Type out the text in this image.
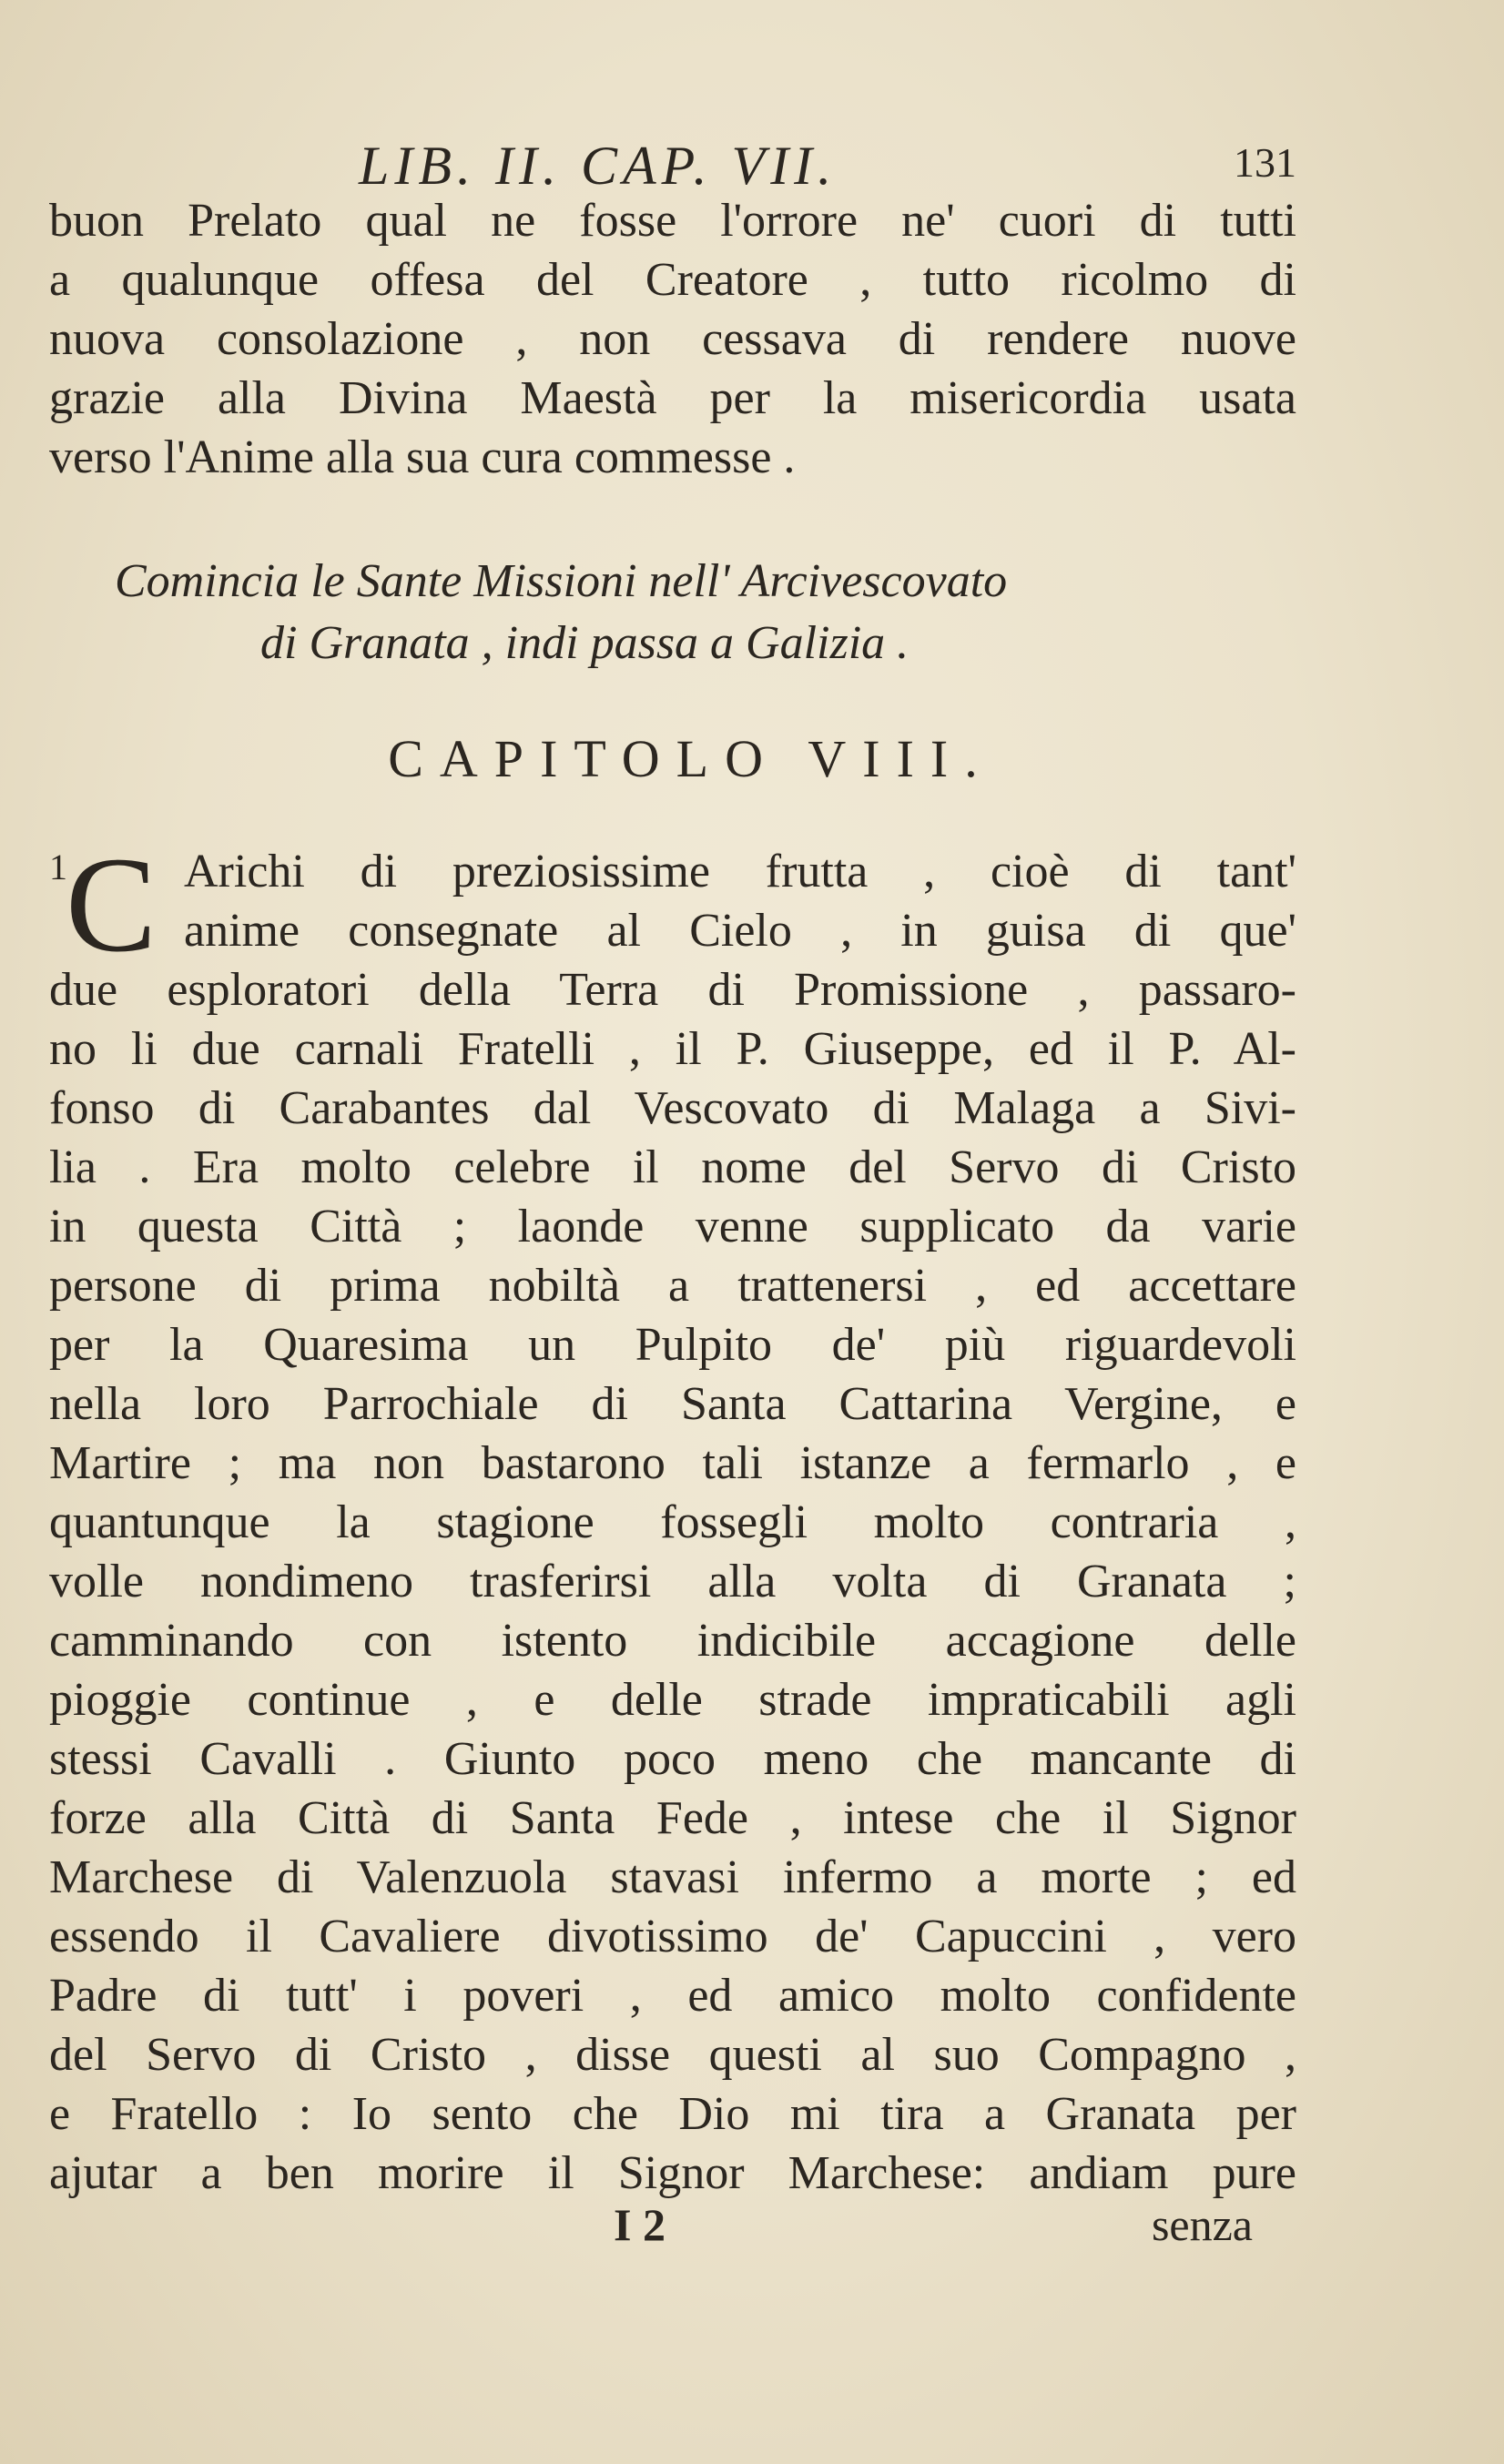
LIB. II. CAP. VII.	131
buon Prelato qual ne fosse l'orrore ne' cuori di tutti
a qualunque offesa del Creatore , tutto ricolmo di
nuova consolazione , non cessava di rendere nuove
grazie alla Divina Maestà per la misericordia usata
verso l'Anime alla sua cura commesse .
Comincia le Sante Missioni nell' Arcivescovato
di Granata , indi passa a Galizia .
CAPITOLO VIII.
1
C Arichi di preziosissime frutta , cioè di tant'
anime consegnate al Cielo , in guisa di que'
due esploratori della Terra di Promissione , passaro-
no li due carnali Fratelli , il P. Giuseppe, ed il P. Al-
fonso di Carabantes dal Vescovato di Malaga a Sivi-
lia . Era molto celebre il nome del Servo di Cristo
in questa Città ; laonde venne supplicato da varie
persone di prima nobiltà a trattenersi , ed accettare
per la Quaresima un Pulpito de' più riguardevoli
nella loro Parrochiale di Santa Cattarina Vergine, e
Martire ; ma non bastarono tali istanze a fermarlo , e
quantunque la stagione fossegli molto contraria ,
volle nondimeno trasferirsi alla volta di Granata ;
camminando con istento indicibile accagione delle
pioggie continue , e delle strade impraticabili agli
stessi Cavalli . Giunto poco meno che mancante di
forze alla Città di Santa Fede , intese che il Signor
Marchese di Valenzuola stavasi infermo a morte ; ed
essendo il Cavaliere divotissimo de' Capuccini , vero
Padre di tutt' i poveri , ed amico molto confidente
del Servo di Cristo , disse questi al suo Compagno ,
e Fratello : Io sento che Dio mi tira a Granata per
ajutar a ben morire il Signor Marchese: andiam pure
I 2	senza
